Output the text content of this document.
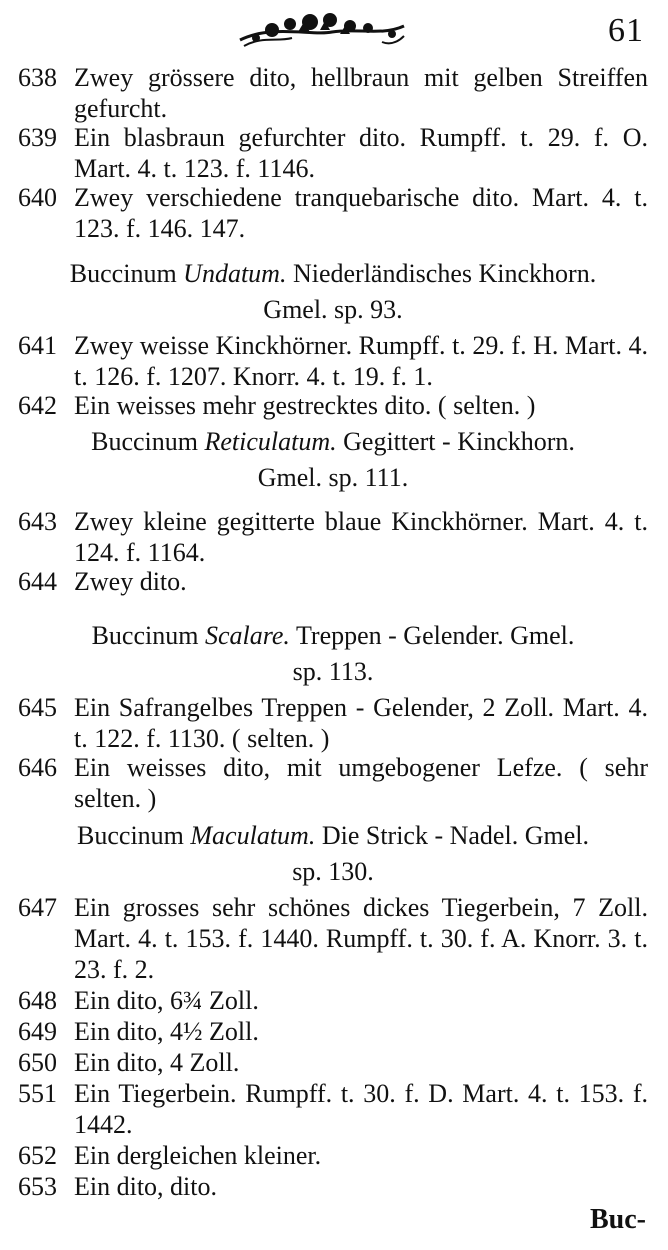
61
638 Zwey grössere dito, hellbraun mit gelben Streiffen gefurcht.
639 Ein blasbraun gefurchter dito. Rumpff. t. 29. f. O. Mart. 4. t. 123. f. 1146.
640 Zwey verschiedene tranquebarische dito. Mart. 4. t. 123. f. 146. 147.
Buccinum Undatum. Niederländisches Kinckhorn.
Gmel. sp. 93.
641 Zwey weisse Kinckhörner. Rumpff. t. 29. f. H. Mart. 4. t. 126. f. 1207. Knorr. 4. t. 19. f. 1.
642 Ein weisses mehr gestrecktes dito. ( selten. )
Buccinum Reticulatum. Gegittert - Kinckhorn.
Gmel. sp. 111.
643 Zwey kleine gegitterte blaue Kinckhörner. Mart. 4. t. 124. f. 1164.
644 Zwey dito.
Buccinum Scalare. Treppen - Gelender. Gmel.
sp. 113.
645 Ein Safrangelbes Treppen - Gelender, 2 Zoll. Mart. 4. t. 122. f. 1130. ( selten. )
646 Ein weisses dito, mit umgebogener Lefze. ( sehr selten. )
Buccinum Maculatum. Die Strick - Nadel. Gmel.
sp. 130.
647 Ein grosses sehr schönes dickes Tiegerbein, 7 Zoll. Mart. 4. t. 153. f. 1440. Rumpff. t. 30. f. A. Knorr. 3. t. 23. f. 2.
648 Ein dito, 6¾ Zoll.
649 Ein dito, 4½ Zoll.
650 Ein dito, 4 Zoll.
551 Ein Tiegerbein. Rumpff. t. 30. f. D. Mart. 4. t. 153. f. 1442.
652 Ein dergleichen kleiner.
653 Ein dito, dito.
Buc-
